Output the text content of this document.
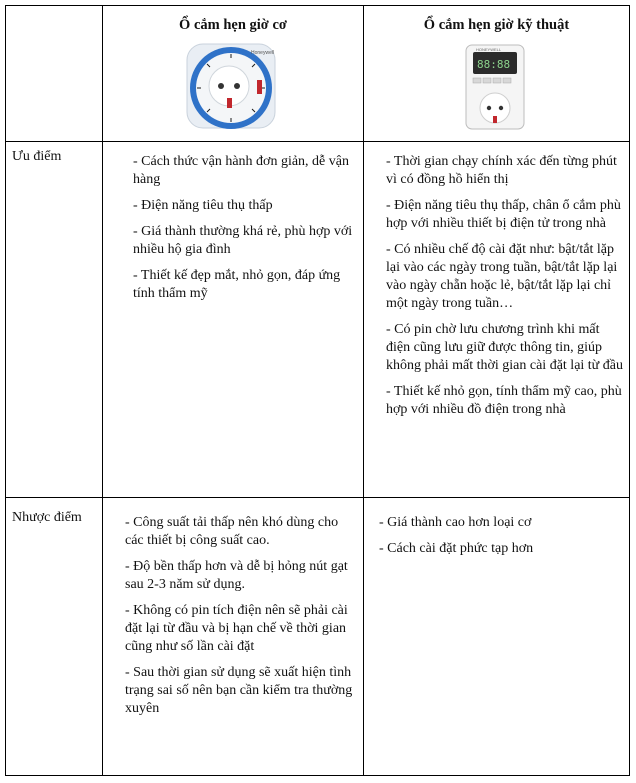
Ổ cắm hẹn giờ cơ	Ổ cắm hẹn giờ kỹ thuật
Honeywell
88:88
HONEYWELL
Ưu điểm
Nhược điểm

- Cách thức vận hành đơn giản, dễ vận hàng

- Điện năng tiêu thụ thấp

- Giá thành thường khá rẻ, phù hợp với nhiều hộ gia đình

- Thiết kế đẹp mắt, nhỏ gọn, đáp ứng tính thẩm mỹ

- Thời gian chạy chính xác đến từng phút vì có đồng hồ hiển thị

- Điện năng tiêu thụ thấp, chân ổ cắm phù hợp với nhiều thiết bị điện tử trong nhà

- Có nhiều chế độ cài đặt như: bật/tắt lặp lại vào các ngày trong tuần, bật/tắt lặp lại vào ngày chẵn hoặc lẻ, bật/tắt lặp lại chỉ một ngày trong tuần…

- Có pin chờ lưu chương trình khi mất điện cũng lưu giữ được thông tin, giúp không phải mất thời gian cài đặt lại từ đầu

- Thiết kế nhỏ gọn, tính thẩm mỹ cao, phù hợp với nhiều đồ điện trong nhà

- Công suất tải thấp nên khó dùng cho các thiết bị công suất cao.

- Độ bền thấp hơn và dễ bị hỏng nút gạt sau 2-3 năm sử dụng.

- Không có pin tích điện nên sẽ phải cài đặt lại từ đầu và bị hạn chế về thời gian cũng như số lần cài đặt

- Sau thời gian sử dụng sẽ xuất hiện tình trạng sai số nên bạn cần kiểm tra thường xuyên

- Giá thành cao hơn loại cơ

- Cách cài đặt phức tạp hơn
